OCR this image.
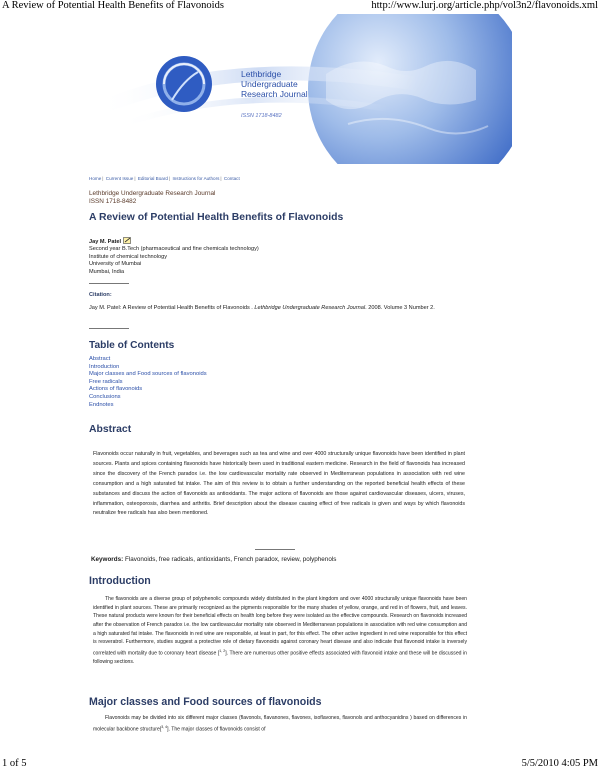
A Review of Potential Health Benefits of Flavonoids	http://www.lurj.org/article.php/vol3n2/flavonoids.xml
Lethbridge
Undergraduate
Research Journal
ISSN 1718-8482
Home| Current Issue| Editorial Board| Instructions for Authors| Contact
Lethbridge Undergraduate Research Journal
ISSN 1718-8482
A Review of Potential Health Benefits of Flavonoids
Jay M. Patel
Second year B.Tech (pharmaceutical and fine chemicals technology)
Institute of chemical technology
University of Mumbai
Mumbai, India
Citation:
Jay M. Patel: A Review of Potential Health Benefits of Flavonoids . Lethbridge Undergraduate Research Journal. 2008. Volume 3 Number 2.
Table of Contents
Abstract
Introduction
Major classes and Food sources of flavonoids
Free radicals
Actions of flavonoids
Conclusions
Endnotes
Abstract
Flavonoids occur naturally in fruit, vegetables, and beverages such as tea and wine and over 4000 structurally unique flavonoids have been identified in plant sources. Plants and spices containing flavonoids have historically been used in traditional eastern medicine. Research in the field of flavonoids has increased since the discovery of the French paradox i.e. the low cardiovascular mortality rate observed in Mediterranean populations in association with red wine consumption and a high saturated fat intake. The aim of this review is to obtain a further understanding on the reported beneficial health effects of these substances and discuss the action of flavonoids as antioxidants. The major actions of flavonoids are those against cardiovascular diseases, ulcers, viruses, inflammation, osteoporosis, diarrhea and arthritis. Brief description about the disease causing effect of free radicals is given and ways by which flavonoids neutralize free radicals has also been mentioned.
Keywords: Flavonoids, free radicals, antioxidants, French paradox, review, polyphenols
Introduction
The flavonoids are a diverse group of polyphenolic compounds widely distributed in the plant kingdom and over 4000 structurally unique flavonoids have been identified in plant sources. These are primarily recognized as the pigments responsible for the many shades of yellow, orange, and red in of flowers, fruit, and leaves. These natural products were known for their beneficial effects on health long before they were isolated as the effective compounds. Research on flavonoids increased after the observation of French paradox i.e. the low cardiovascular mortality rate observed in Mediterranean populations in association with red wine consumption and a high saturated fat intake. The flavonoids in red wine are responsible, at least in part, for this effect. The other active ingredient in red wine responsible for this effect is resveratrol. Furthermore, studies suggest a protective role of dietary flavonoids against coronary heart disease and also indicate that flavonoid intake is inversely correlated with mortality due to coronary heart disease [$^{1, 2}$]. There are numerous other positive effects associated with flavonoid intake and these will be discussed in following sections.
Major classes and Food sources of flavonoids
Flavonoids may be divided into six different major classes (flavonols, flavanones, flavones, isoflavones, flavonols and anthocyanidins ) based on differences in molecular backbone structure[$^{3, 4}$]. The major classes of flavonoids consist of
1 of 5	5/5/2010 4:05 PM
